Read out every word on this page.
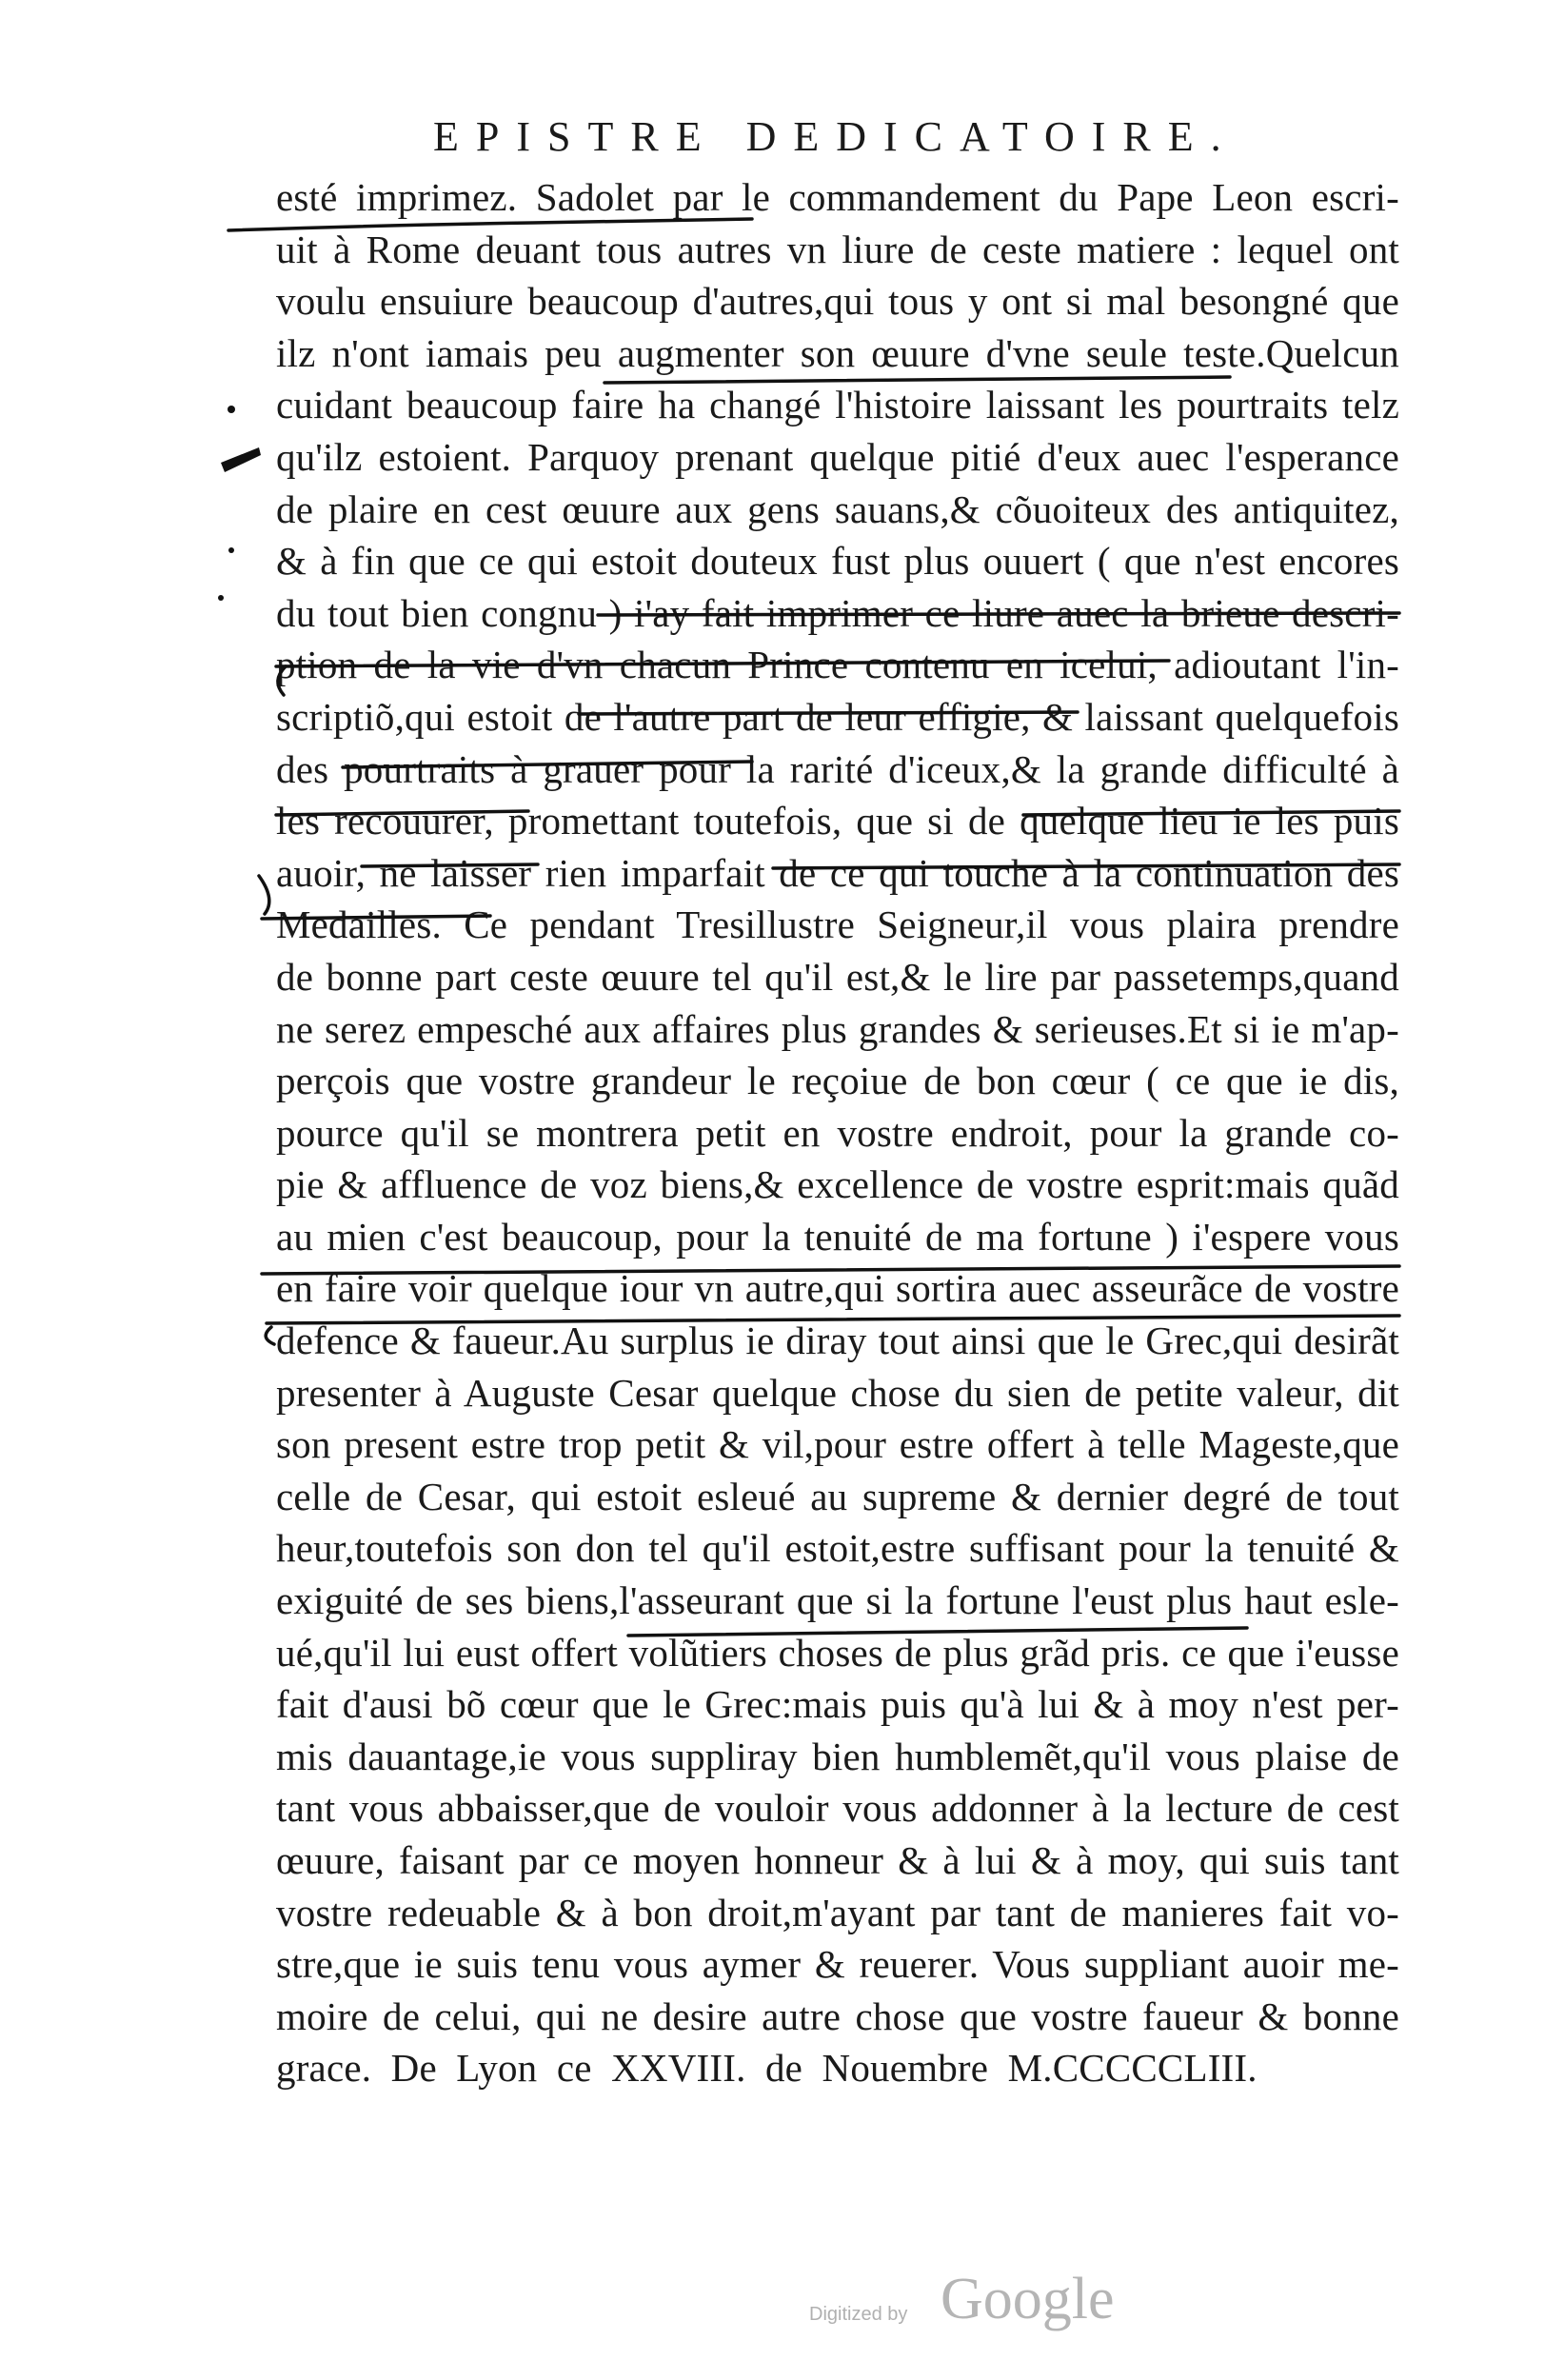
EPISTRE DEDICATOIRE.
esté imprimez. Sadolet par le commandement du Pape Leon escri-
uit à Rome deuant tous autres vn liure de ceste matiere : lequel ont
voulu ensuiure beaucoup d'autres,qui tous y ont si mal besongné que
ilz n'ont iamais peu augmenter son œuure d'vne seule teste.Quelcun
cuidant beaucoup faire ha changé l'histoire laissant les pourtraits telz
qu'ilz estoient. Parquoy prenant quelque pitié d'eux auec l'esperance
de plaire en cest œuure aux gens sauans,& cõuoiteux des antiquitez,
& à fin que ce qui estoit douteux fust plus ouuert ( que n'est encores
du tout bien congnu ) i'ay fait imprimer ce liure auec la brieue descri-
ption de la vie d'vn chacun Prince contenu en icelui, adioutant l'in-
scriptiõ,qui estoit de l'autre part de leur effigie, & laissant quelquefois
des pourtraits à grauer pour la rarité d'iceux,& la grande difficulté à
les recouurer, promettant toutefois, que si de quelque lieu ie les puis
auoir, ne laisser rien imparfait de ce qui touche à la continuation des
Medailles. Ce pendant Tresillustre Seigneur,il vous plaira prendre
de bonne part ceste œuure tel qu'il est,& le lire par passetemps,quand
ne serez empesché aux affaires plus grandes & serieuses.Et si ie m'ap-
perçois que vostre grandeur le reçoiue de bon cœur ( ce que ie dis,
pource qu'il se montrera petit en vostre endroit, pour la grande co-
pie & affluence de voz biens,& excellence de vostre esprit:mais quãd
au mien c'est beaucoup, pour la tenuité de ma fortune ) i'espere vous
en faire voir quelque iour vn autre,qui sortira auec asseurãce de vostre
defence & faueur.Au surplus ie diray tout ainsi que le Grec,qui desirãt
presenter à Auguste Cesar quelque chose du sien de petite valeur, dit
son present estre trop petit & vil,pour estre offert à telle Mageste,que
celle de Cesar, qui estoit esleué au supreme & dernier degré de tout
heur,toutefois son don tel qu'il estoit,estre suffisant pour la tenuité &
exiguité de ses biens,l'asseurant que si la fortune l'eust plus haut esle-
ué,qu'il lui eust offert volũtiers choses de plus grãd pris. ce que i'eusse
fait d'ausi bõ cœur que le Grec:mais puis qu'à lui & à moy n'est per-
mis dauantage,ie vous suppliray bien humblemẽt,qu'il vous plaise de
tant vous abbaisser,que de vouloir vous addonner à la lecture de cest
œuure, faisant par ce moyen honneur & à lui & à moy, qui suis tant
vostre redeuable & à bon droit,m'ayant par tant de manieres fait vo-
stre,que ie suis tenu vous aymer & reuerer. Vous suppliant auoir me-
moire de celui, qui ne desire autre chose que vostre faueur & bonne
grace. De Lyon ce XXVIII. de Nouembre M.CCCCCLIII.
Digitized by Google
